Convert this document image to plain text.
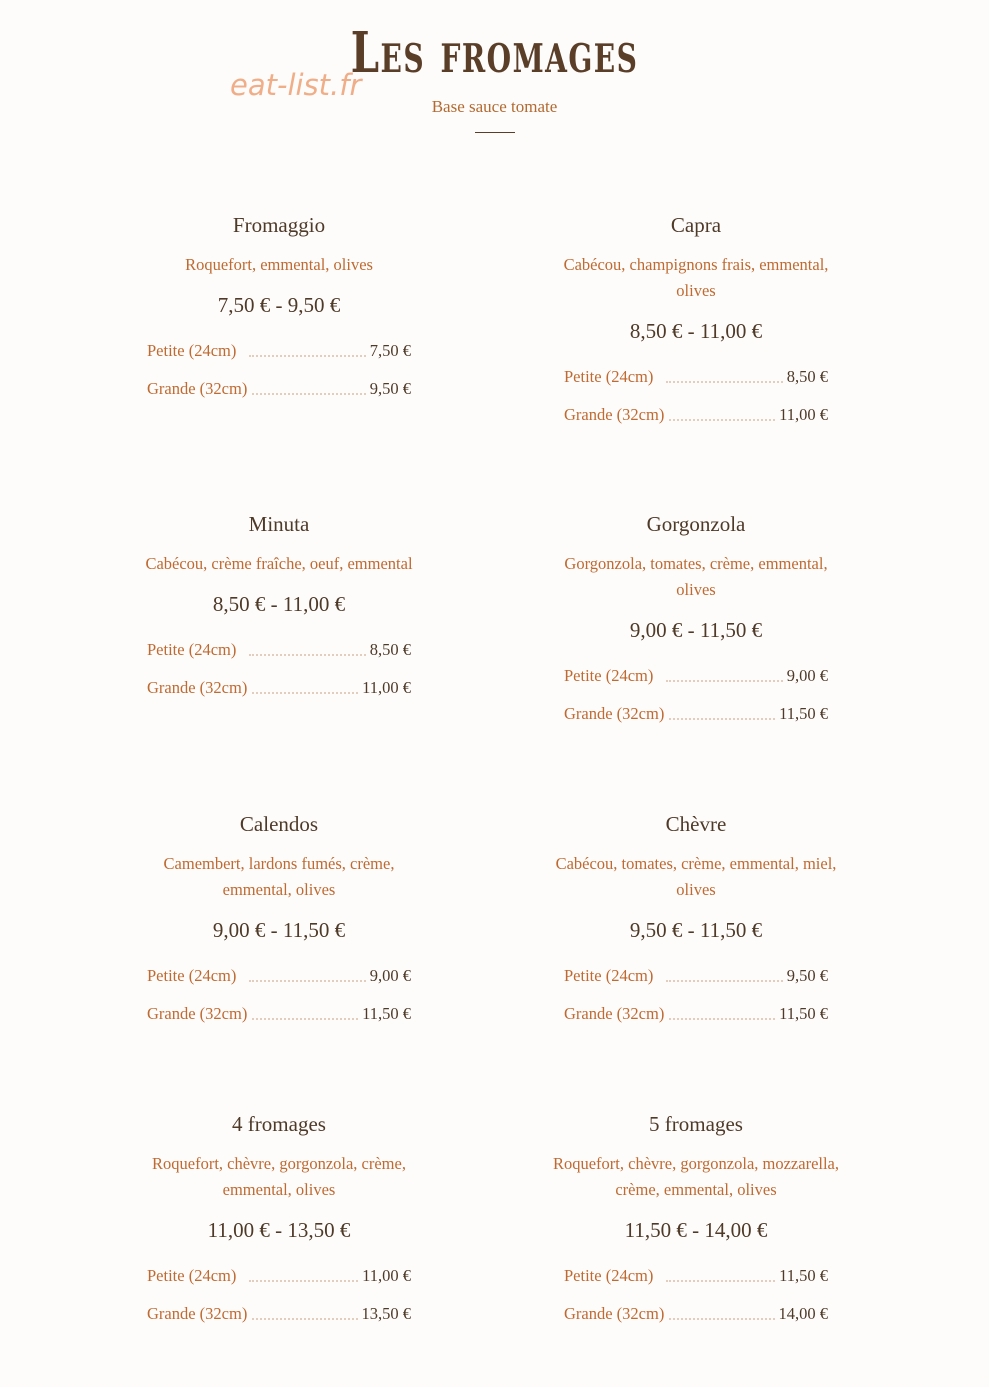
eat-list.fr
Les fromages
Base sauce tomate
Fromaggio
Roquefort, emmental, olives
7,50 € - 9,50 €
Petite (24cm)	7,50 €
Grande (32cm)	9,50 €
Capra
Cabécou, champignons frais, emmental, olives
8,50 € - 11,00 €
Petite (24cm)	8,50 €
Grande (32cm)	11,00 €
Minuta
Cabécou, crème fraîche, oeuf, emmental
8,50 € - 11,00 €
Petite (24cm)	8,50 €
Grande (32cm)	11,00 €
Gorgonzola
Gorgonzola, tomates, crème, emmental, olives
9,00 € - 11,50 €
Petite (24cm)	9,00 €
Grande (32cm)	11,50 €
Calendos
Camembert, lardons fumés, crème, emmental, olives
9,00 € - 11,50 €
Petite (24cm)	9,00 €
Grande (32cm)	11,50 €
Chèvre
Cabécou, tomates, crème, emmental, miel, olives
9,50 € - 11,50 €
Petite (24cm)	9,50 €
Grande (32cm)	11,50 €
4 fromages
Roquefort, chèvre, gorgonzola, crème, emmental, olives
11,00 € - 13,50 €
Petite (24cm)	11,00 €
Grande (32cm)	13,50 €
5 fromages
Roquefort, chèvre, gorgonzola, mozzarella, crème, emmental, olives
11,50 € - 14,00 €
Petite (24cm)	11,50 €
Grande (32cm)	14,00 €
